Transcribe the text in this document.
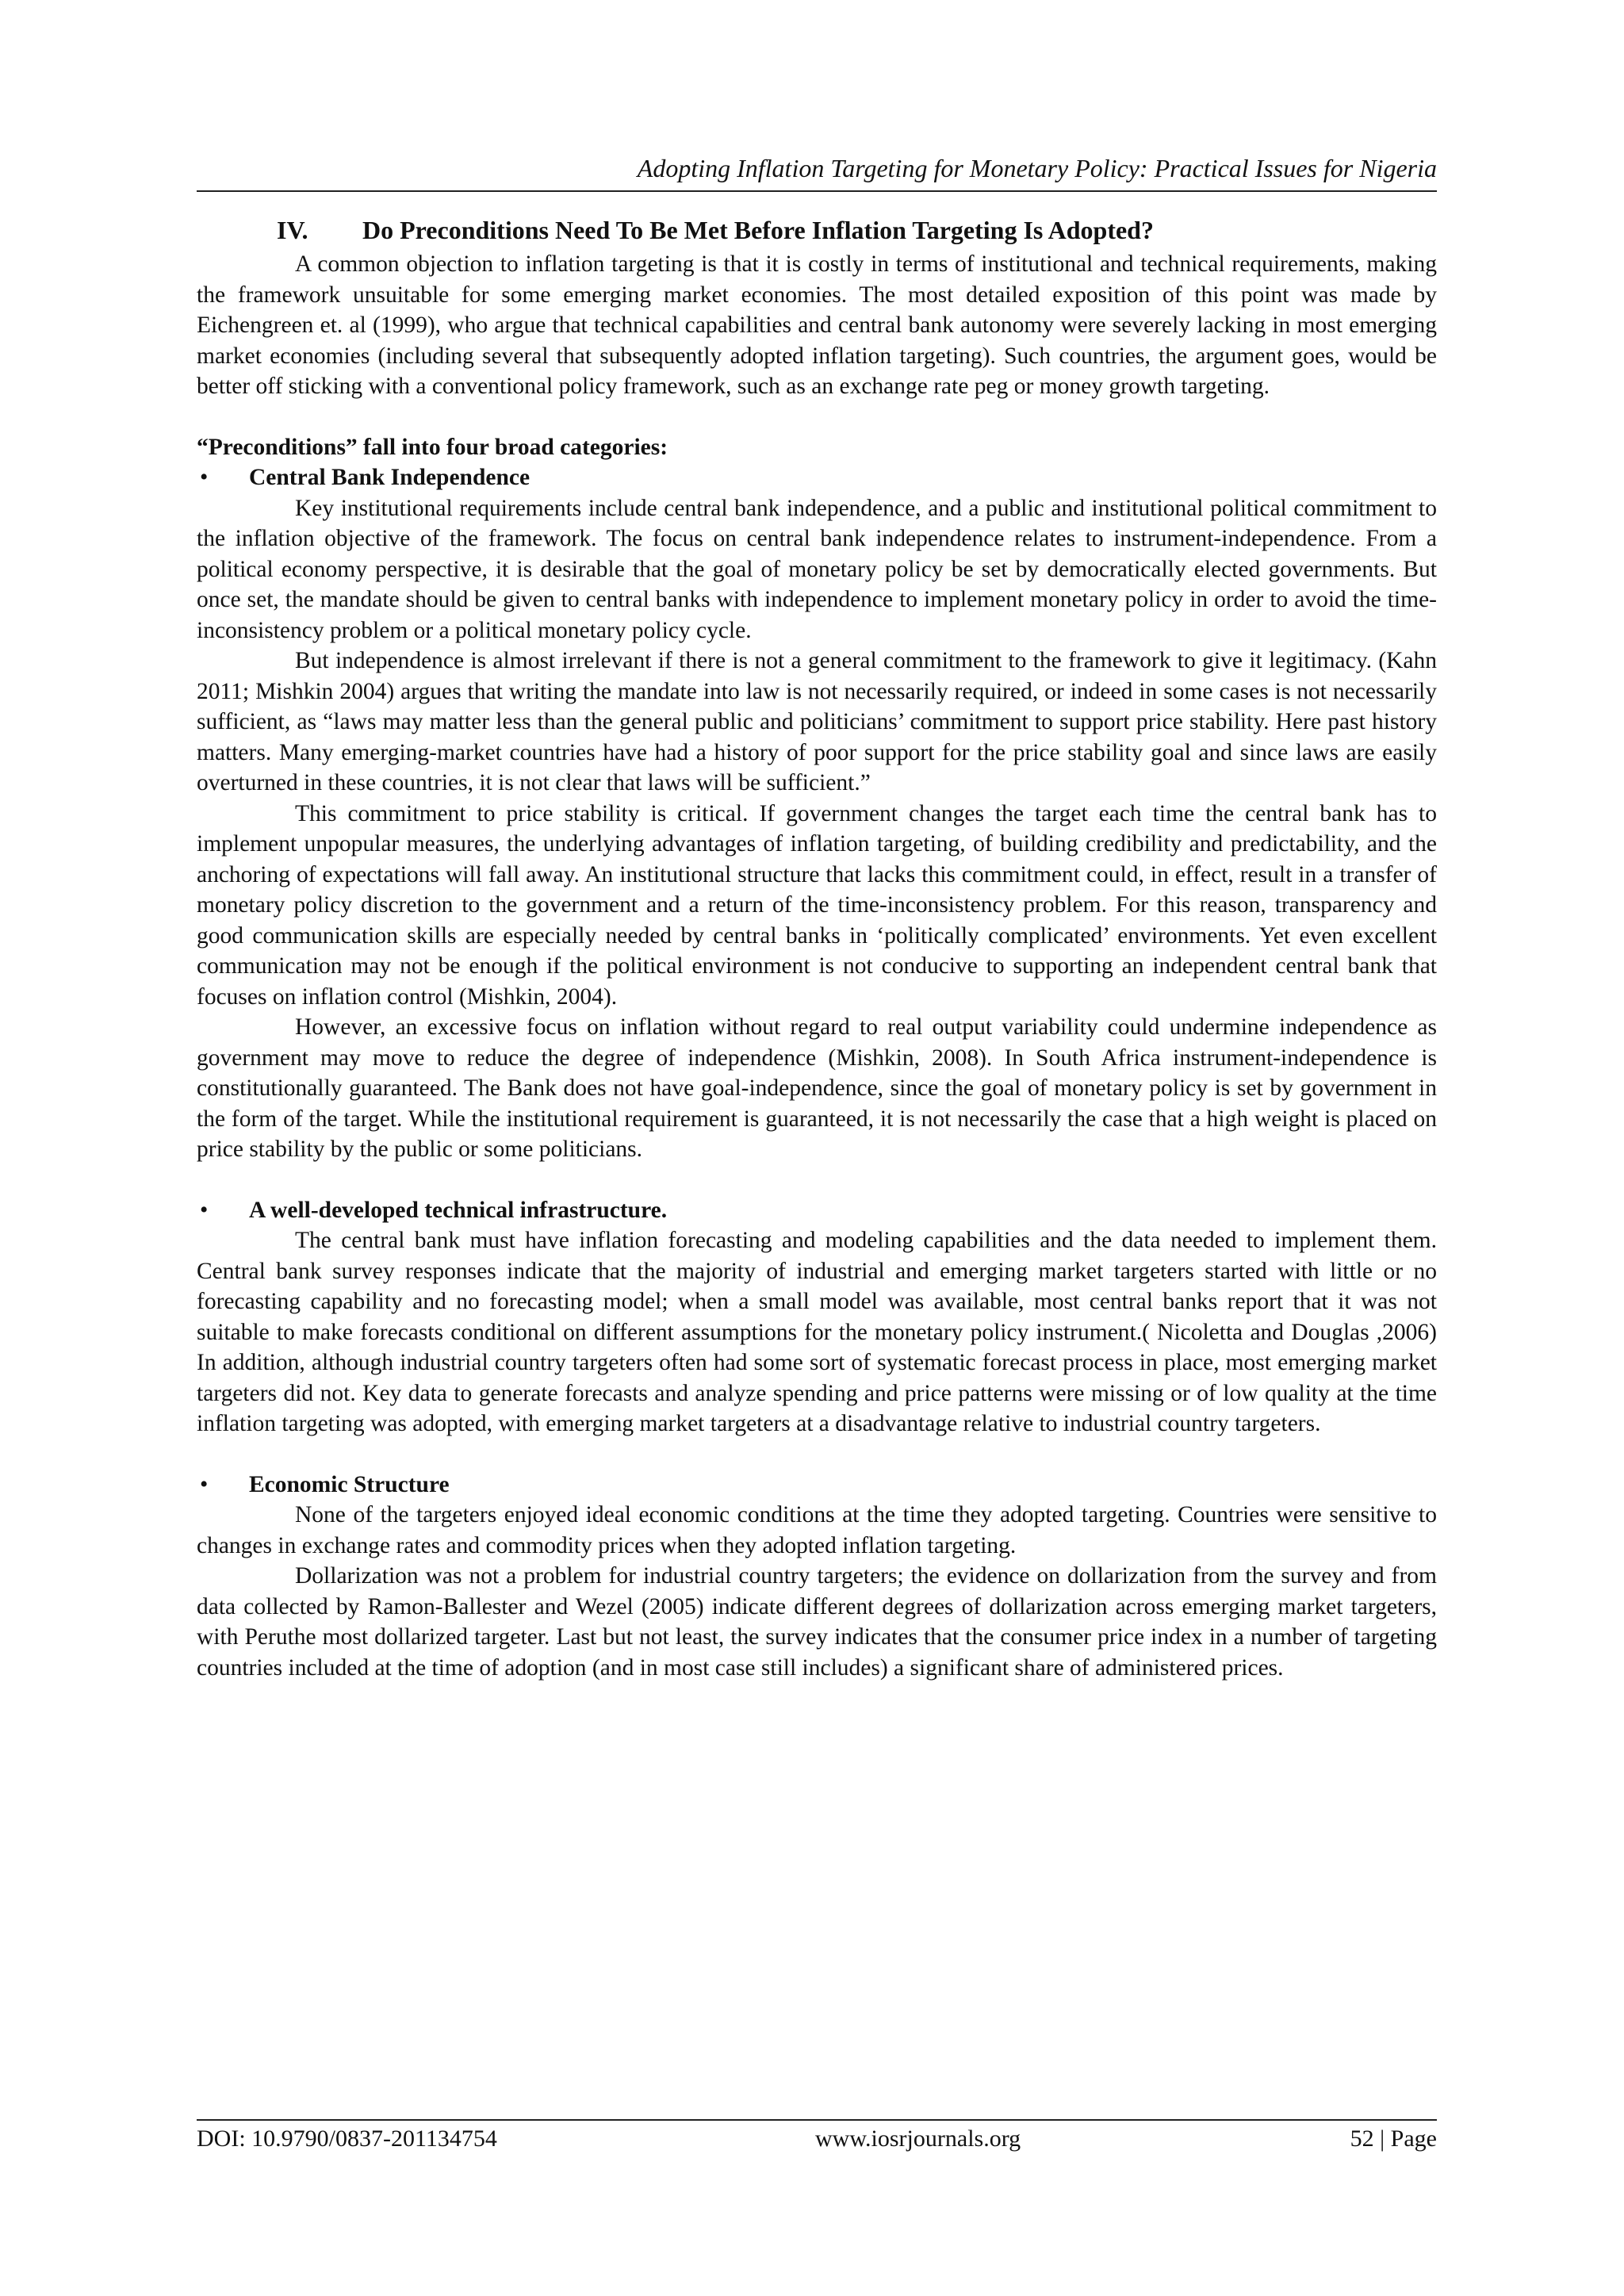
Adopting Inflation Targeting for Monetary Policy: Practical Issues for Nigeria
IV. Do Preconditions Need To Be Met Before Inflation Targeting Is Adopted?

A common objection to inflation targeting is that it is costly in terms of institutional and technical requirements, making the framework unsuitable for some emerging market economies. The most detailed exposition of this point was made by Eichengreen et. al (1999), who argue that technical capabilities and central bank autonomy were severely lacking in most emerging market economies (including several that subsequently adopted inflation targeting). Such countries, the argument goes, would be better off sticking with a conventional policy framework, such as an exchange rate peg or money growth targeting.

“Preconditions” fall into four broad categories:
• Central Bank Independence

Key institutional requirements include central bank independence, and a public and institutional political commitment to the inflation objective of the framework. The focus on central bank independence relates to instrument-independence. From a political economy perspective, it is desirable that the goal of monetary policy be set by democratically elected governments. But once set, the mandate should be given to central banks with independence to implement monetary policy in order to avoid the time-inconsistency problem or a political monetary policy cycle.

But independence is almost irrelevant if there is not a general commitment to the framework to give it legitimacy. (Kahn 2011; Mishkin 2004) argues that writing the mandate into law is not necessarily required, or indeed in some cases is not necessarily sufficient, as “laws may matter less than the general public and politicians’ commitment to support price stability. Here past history matters. Many emerging-market countries have had a history of poor support for the price stability goal and since laws are easily overturned in these countries, it is not clear that laws will be sufficient.”

This commitment to price stability is critical. If government changes the target each time the central bank has to implement unpopular measures, the underlying advantages of inflation targeting, of building credibility and predictability, and the anchoring of expectations will fall away. An institutional structure that lacks this commitment could, in effect, result in a transfer of monetary policy discretion to the government and a return of the time-inconsistency problem. For this reason, transparency and good communication skills are especially needed by central banks in ‘politically complicated’ environments. Yet even excellent communication may not be enough if the political environment is not conducive to supporting an independent central bank that focuses on inflation control (Mishkin, 2004).

However, an excessive focus on inflation without regard to real output variability could undermine independence as government may move to reduce the degree of independence (Mishkin, 2008). In South Africa instrument-independence is constitutionally guaranteed. The Bank does not have goal-independence, since the goal of monetary policy is set by government in the form of the target. While the institutional requirement is guaranteed, it is not necessarily the case that a high weight is placed on price stability by the public or some politicians.

• A well-developed technical infrastructure.

The central bank must have inflation forecasting and modeling capabilities and the data needed to implement them. Central bank survey responses indicate that the majority of industrial and emerging market targeters started with little or no forecasting capability and no forecasting model; when a small model was available, most central banks report that it was not suitable to make forecasts conditional on different assumptions for the monetary policy instrument.( Nicoletta and Douglas ,2006) In addition, although industrial country targeters often had some sort of systematic forecast process in place, most emerging market targeters did not. Key data to generate forecasts and analyze spending and price patterns were missing or of low quality at the time inflation targeting was adopted, with emerging market targeters at a disadvantage relative to industrial country targeters.

• Economic Structure

None of the targeters enjoyed ideal economic conditions at the time they adopted targeting. Countries were sensitive to changes in exchange rates and commodity prices when they adopted inflation targeting.

Dollarization was not a problem for industrial country targeters; the evidence on dollarization from the survey and from data collected by Ramon-Ballester and Wezel (2005) indicate different degrees of dollarization across emerging market targeters, with Peruthe most dollarized targeter. Last but not least, the survey indicates that the consumer price index in a number of targeting countries included at the time of adoption (and in most case still includes) a significant share of administered prices.

DOI: 10.9790/0837-201134754	www.iosrjournals.org	52 | Page
